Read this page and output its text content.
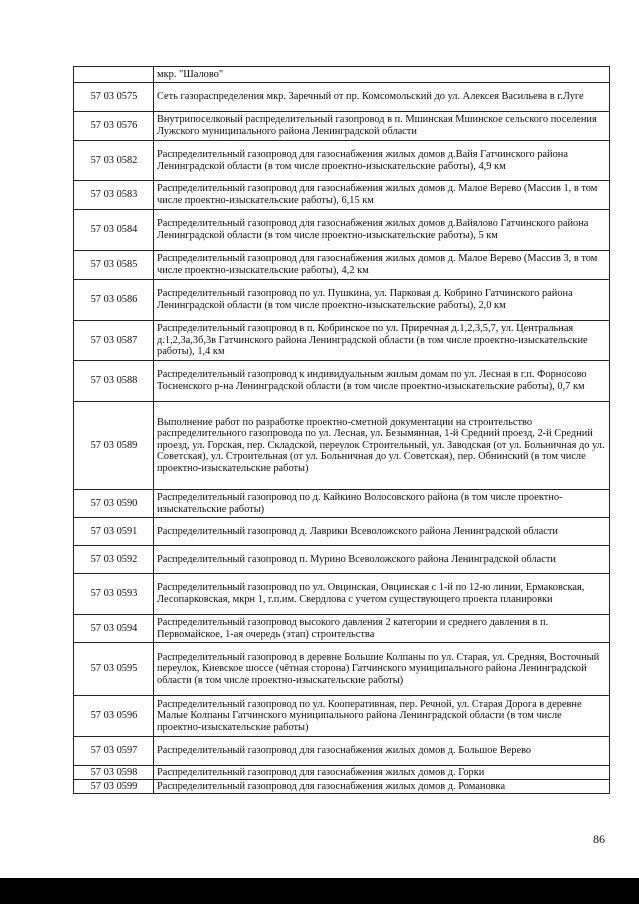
	мкр. "Шалово"
57 03 0575	Сеть газораспределения мкр. Заречный от пр. Комсомольский до ул. Алексея Васильева в г.Луге
57 03 0576	Внутрипоселковый распределительный газопровод в п. Мшинская Мшинское сельского поселения Лужского муниципального района Ленинградской области
57 03 0582	Распределительный газопровод для газоснабжения жилых домов д.Вайя Гатчинского района Ленинградской области (в том числе проектно-изыскательские работы), 4,9 км
57 03 0583	Распределительный газопровод для газоснабжения жилых домов д. Малое Верево (Массив 1, в том числе проектно-изыскательские работы), 6,15 км
57 03 0584	Распределительный газопровод для газоснабжения жилых домов д.Вайялово Гатчинского района Ленинградской области (в том числе проектно-изыскательские работы), 5 км
57 03 0585	Распределительный газопровод для газоснабжения жилых домов д. Малое Верево (Массив 3, в том числе проектно-изыскательские работы), 4,2 км
57 03 0586	Распределительный газопровод по ул. Пушкина, ул. Парковая д. Кобрино Гатчинского района Ленинградской области (в том числе проектно-изыскательские работы), 2,0 км
57 03 0587	Распределительный газопровод в п. Кобринское по ул. Приречная д.1,2,3,5,7, ул. Центральная д.1,2,3а,3б,3в Гатчинского района Ленинградской области (в том числе проектно-изыскательские работы), 1,4 км
57 03 0588	Распределительный газопровод к индивидуальным жилым домам по ул. Лесная в г.п. Форносово Тосненского р-на Ленинградской области (в том числе проектно-изыскательские работы), 0,7 км
57 03 0589	Выполнение работ по разработке проектно-сметной документации на строительство распределительного газопровода по ул. Лесная, ул. Безымянная, 1-й Средний проезд, 2-й Средний проезд, ул. Горская, пер. Складской, переулок Строительный, ул. Заводская (от ул. Больничная до ул. Советская), ул. Строительная (от ул. Больничная до ул. Советская), пер. Обнинский (в том числе проектно-изыскательские работы)
57 03 0590	Распределительный газопровод по д. Кайкино Волосовского района (в том числе проектно-изыскательские работы)
57 03 0591	Распределительный газопровод д. Лаврики Всеволожского района Ленинградской области
57 03 0592	Распределительный газопровод п. Мурино Всеволожского района Ленинградской области
57 03 0593	Распределительный газопровод по ул. Овцинская, Овцинская с 1-й по 12-ю линии, Ермаковская, Лесопарковская, мкрн 1, г.п.им. Свердлова с учетом существующего проекта планировки
57 03 0594	Распределительный газопровод высокого давления 2 категории и среднего давления в п. Первомайское, 1-ая очередь (этап) строительства
57 03 0595	Распределительный газопровод в деревне Большие Колпаны по ул. Старая, ул. Средняя, Восточный переулок, Киевское шоссе (чётная сторона) Гатчинского муниципального района Ленинградской области (в том числе проектно-изыскательские работы)
57 03 0596	Распределительный газопровод по ул. Кооперативная, пер. Речной, ул. Старая Дорога в деревне Малые Колпаны Гатчинского муниципального района Ленинградской области (в том числе проектно-изыскательские работы)
57 03 0597	Распределительный газопровод для газоснабжения жилых домов д. Большое Верево
57 03 0598	Распределительный газопровод для газоснабжения жилых домов д. Горки
57 03 0599	Распределительный газопровод для газоснабжения жилых домов д. Романовка
86
